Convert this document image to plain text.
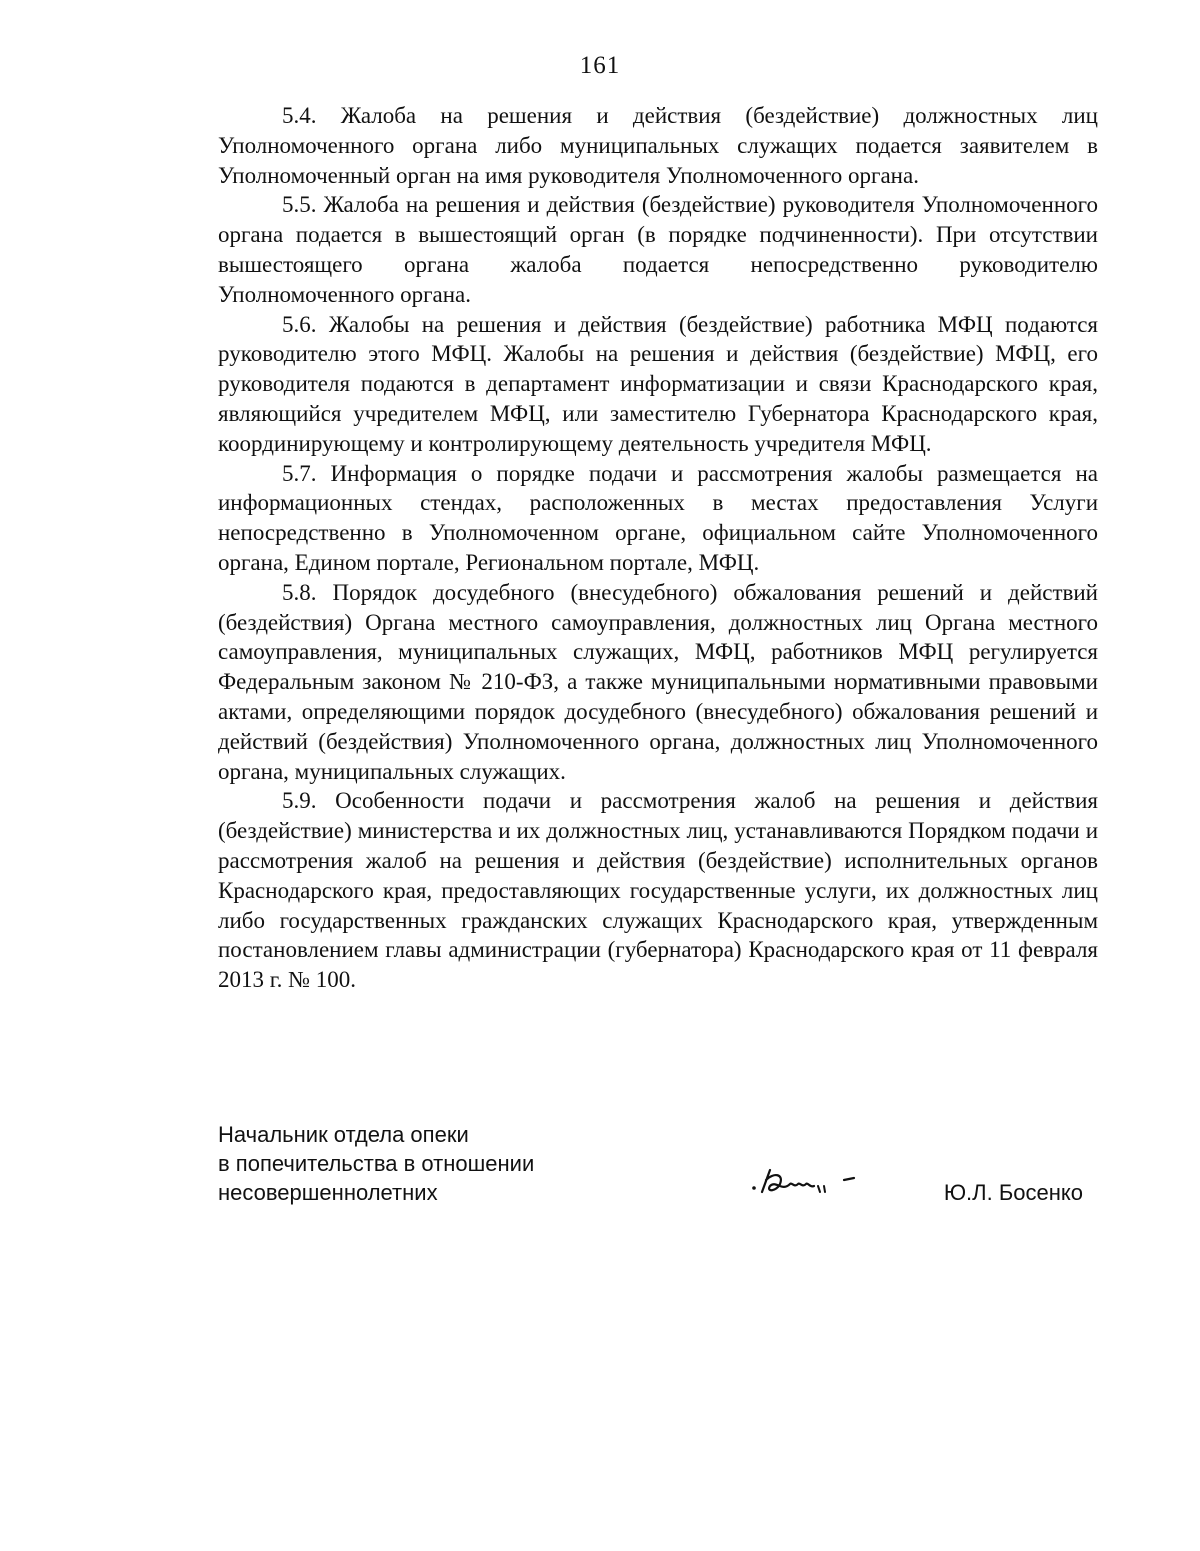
161

5.4. Жалоба на решения и действия (бездействие) должностных лиц Уполномоченного органа либо муниципальных служащих подается заявителем в Уполномоченный орган на имя руководителя Уполномоченного органа.

5.5. Жалоба на решения и действия (бездействие) руководителя Уполномоченного органа подается в вышестоящий орган (в порядке подчиненности). При отсутствии вышестоящего органа жалоба подается непосредственно руководителю Уполномоченного органа.

5.6. Жалобы на решения и действия (бездействие) работника МФЦ подаются руководителю этого МФЦ. Жалобы на решения и действия (бездействие) МФЦ, его руководителя подаются в департамент информатизации и связи Краснодарского края, являющийся учредителем МФЦ, или заместителю Губернатора Краснодарского края, координирующему и контролирующему деятельность учредителя МФЦ.

5.7. Информация о порядке подачи и рассмотрения жалобы размещается на информационных стендах, расположенных в местах предоставления Услуги непосредственно в Уполномоченном органе, официальном сайте Уполномоченного органа, Едином портале, Региональном портале, МФЦ.

5.8. Порядок досудебного (внесудебного) обжалования решений и действий (бездействия) Органа местного самоуправления, должностных лиц Органа местного самоуправления, муниципальных служащих, МФЦ, работников МФЦ регулируется Федеральным законом № 210-ФЗ, а также муниципальными нормативными правовыми актами, определяющими порядок досудебного (внесудебного) обжалования решений и действий (бездействия) Уполномоченного органа, должностных лиц Уполномоченного органа, муниципальных служащих.

5.9. Особенности подачи и рассмотрения жалоб на решения и действия (бездействие) министерства и их должностных лиц, устанавливаются Порядком подачи и рассмотрения жалоб на решения и действия (бездействие) исполнительных органов Краснодарского края, предоставляющих государственные услуги, их должностных лиц либо государственных гражданских служащих Краснодарского края, утвержденным постановлением главы администрации (губернатора) Краснодарского края от 11 февраля 2013 г. № 100.

Начальник отдела опеки
в попечительства в отношении
несовершеннолетних	Ю.Л. Босенко
